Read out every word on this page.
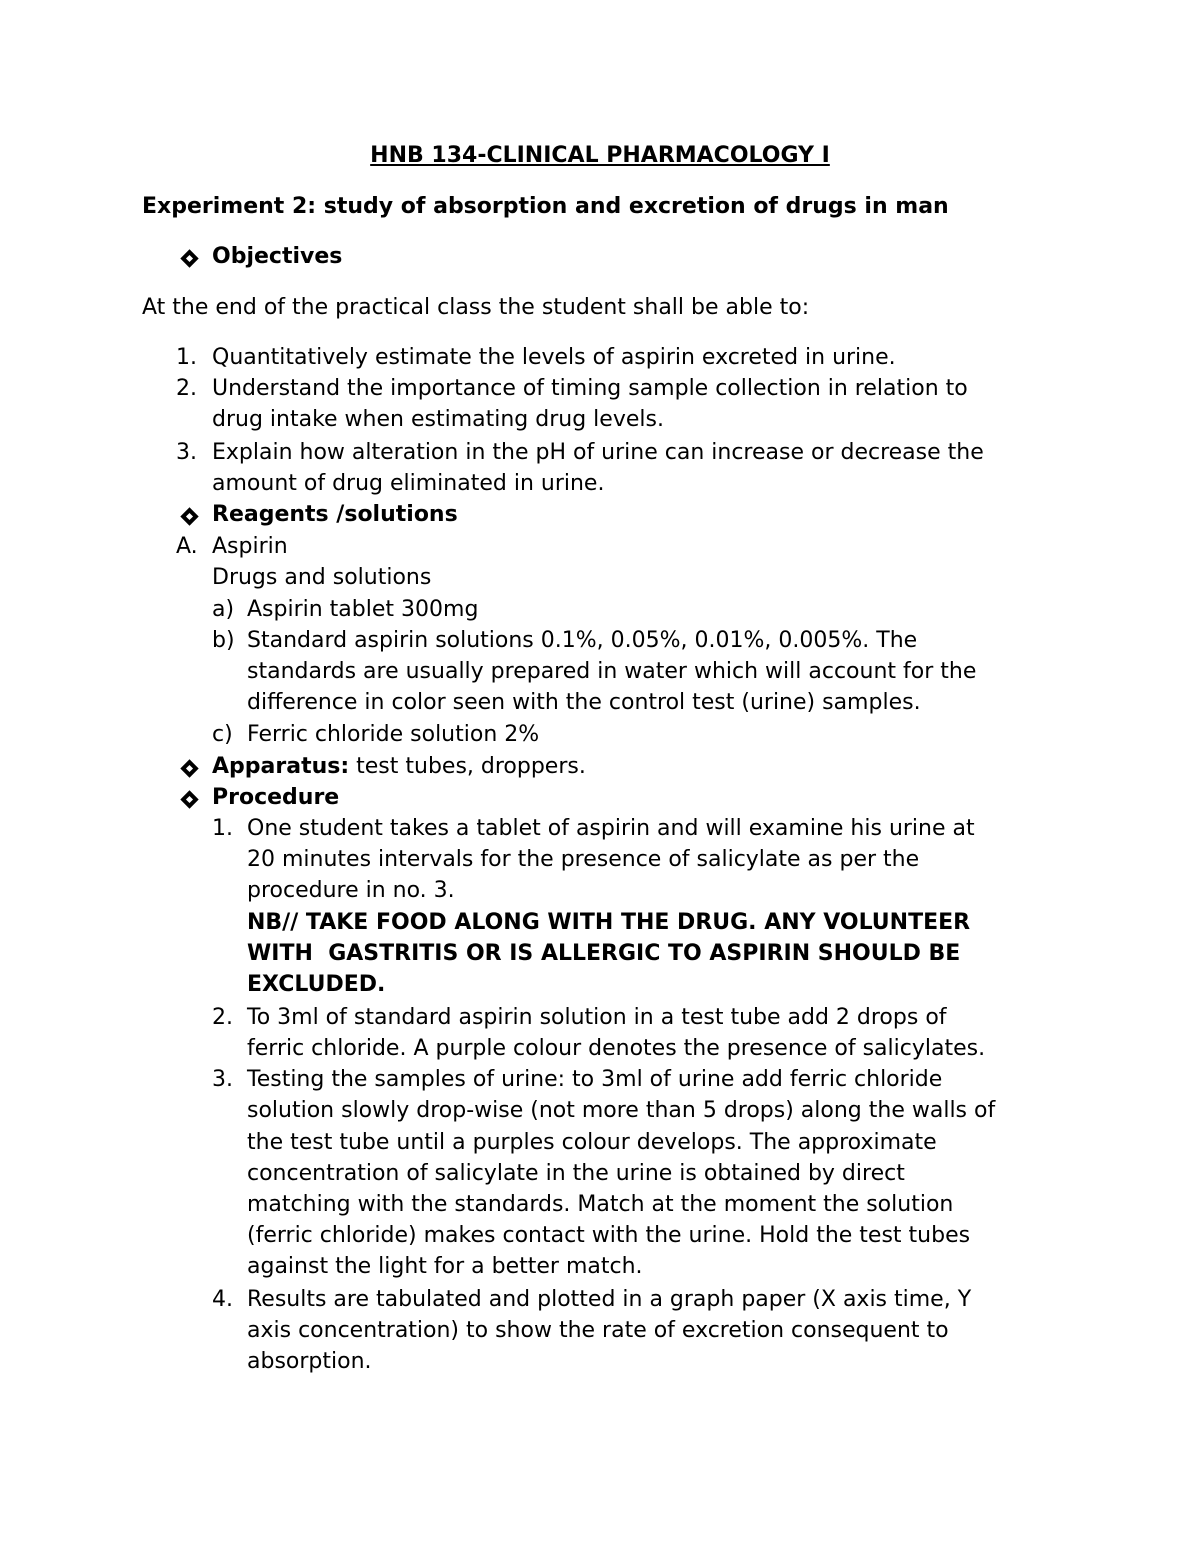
HNB 134-CLINICAL PHARMACOLOGY I
Experiment 2: study of absorption and excretion of drugs in man
Objectives
At the end of the practical class the student shall be able to:
1. Quantitatively estimate the levels of aspirin excreted in urine.
2. Understand the importance of timing sample collection in relation to
drug intake when estimating drug levels.
3. Explain how alteration in the pH of urine can increase or decrease the
amount of drug eliminated in urine.
Reagents /solutions
A. Aspirin
Drugs and solutions
a) Aspirin tablet 300mg
b) Standard aspirin solutions 0.1%, 0.05%, 0.01%, 0.005%. The
standards are usually prepared in water which will account for the
difference in color seen with the control test (urine) samples.
c) Ferric chloride solution 2%
Apparatus: test tubes, droppers.
Procedure
1. One student takes a tablet of aspirin and will examine his urine at
20 minutes intervals for the presence of salicylate as per the
procedure in no. 3.
NB// TAKE FOOD ALONG WITH THE DRUG. ANY VOLUNTEER
WITH  GASTRITIS OR IS ALLERGIC TO ASPIRIN SHOULD BE
EXCLUDED.
2. To 3ml of standard aspirin solution in a test tube add 2 drops of
ferric chloride. A purple colour denotes the presence of salicylates.
3. Testing the samples of urine: to 3ml of urine add ferric chloride
solution slowly drop-wise (not more than 5 drops) along the walls of
the test tube until a purples colour develops. The approximate
concentration of salicylate in the urine is obtained by direct
matching with the standards. Match at the moment the solution
(ferric chloride) makes contact with the urine. Hold the test tubes
against the light for a better match.
4. Results are tabulated and plotted in a graph paper (X axis time, Y
axis concentration) to show the rate of excretion consequent to
absorption.
